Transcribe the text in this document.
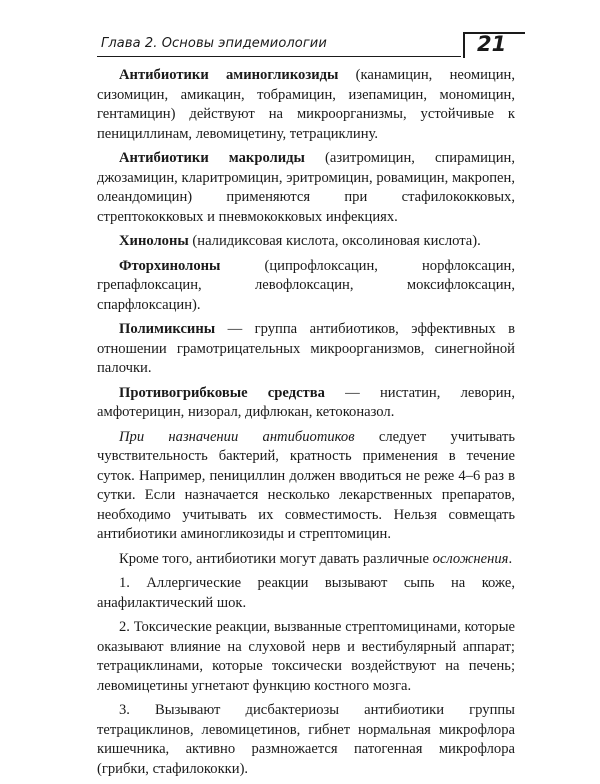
Глава 2. Основы эпидемиологии	21

Антибиотики аминогликозиды (канамицин, неомицин, сизомицин, амикацин, тобрамицин, изепамицин, мономицин, гентамицин) действуют на микроорганизмы, устойчивые к пенициллинам, левомицетину, тетрациклину.

Антибиотики макролиды (азитромицин, спирамицин, джозамицин, кларитромицин, эритромицин, ровамицин, макропен, олеандомицин) применяются при стафилококковых, стрептококковых и пневмококковых инфекциях.

Хинолоны (налидиксовая кислота, оксолиновая кислота).

Фторхинолоны (ципрофлоксацин, норфлоксацин, грепафлоксацин, левофлоксацин, моксифлоксацин, спарфлоксацин).

Полимиксины — группа антибиотиков, эффективных в отношении грамотрицательных микроорганизмов, синегнойной палочки.

Противогрибковые средства — нистатин, леворин, амфотерицин, низорал, дифлюкан, кетоконазол.

При назначении антибиотиков следует учитывать чувствительность бактерий, кратность применения в течение суток. Например, пенициллин должен вводиться не реже 4–6 раз в сутки. Если назначается несколько лекарственных препаратов, необходимо учитывать их совместимость. Нельзя совмещать антибиотики аминогликозиды и стрептомицин.

Кроме того, антибиотики могут давать различные осложнения.

1. Аллергические реакции вызывают сыпь на коже, анафилактический шок.

2. Токсические реакции, вызванные стрептомицинами, которые оказывают влияние на слуховой нерв и вестибулярный аппарат; тетрациклинами, которые токсически воздействуют на печень; левомицетины угнетают функцию костного мозга.

3. Вызывают дисбактериозы антибиотики группы тетрациклинов, левомицетинов, гибнет нормальная микрофлора кишечника, активно размножается патогенная микрофлора (грибки, стафилококки).
